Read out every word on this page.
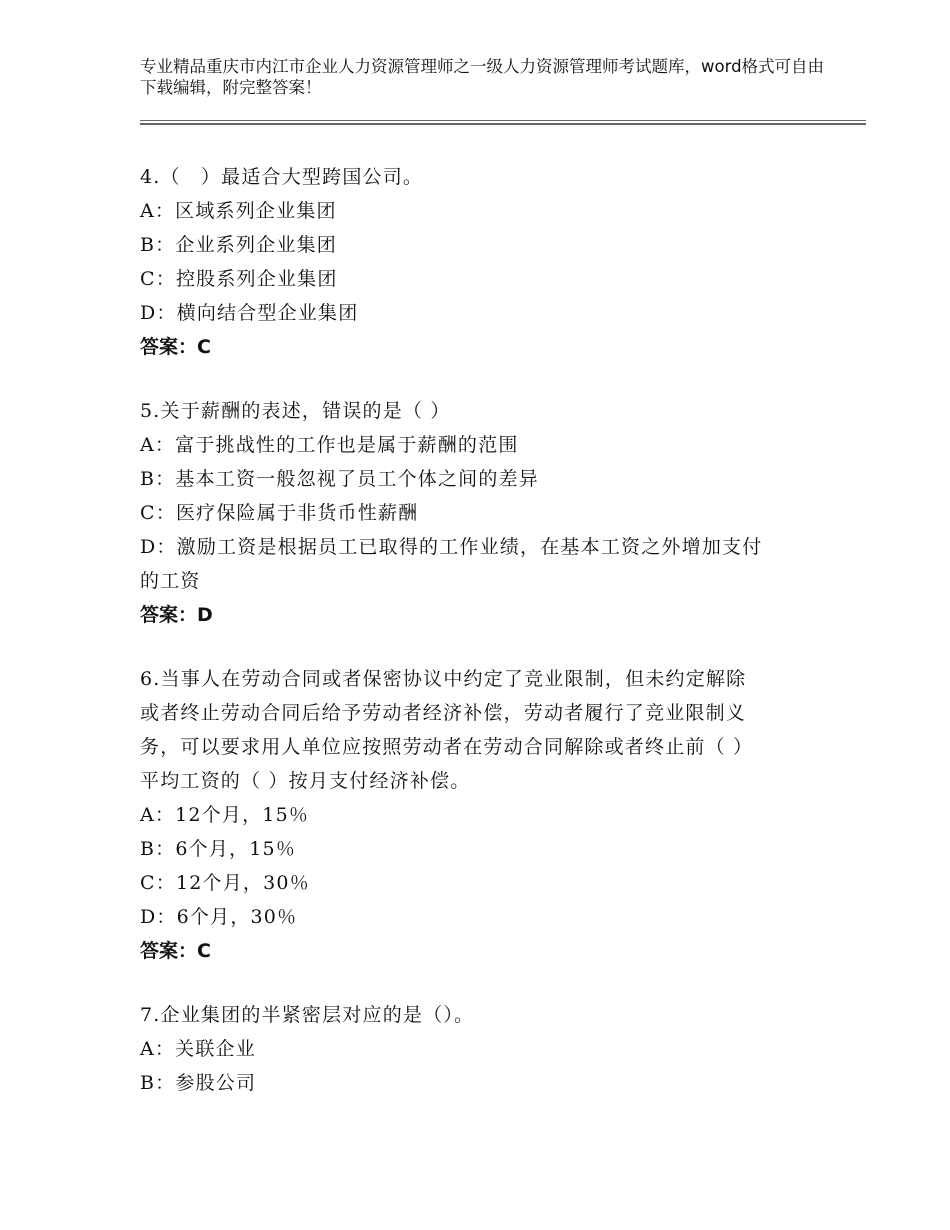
专业精品重庆市内江市企业人力资源管理师之一级人力资源管理师考试题库，word格式可自由下载编辑，附完整答案！
4.（　）最适合大型跨国公司。
A：区域系列企业集团
B：企业系列企业集团
C：控股系列企业集团
D：横向结合型企业集团
答案：C
5.关于薪酬的表述，错误的是（ ）
A：富于挑战性的工作也是属于薪酬的范围
B：基本工资一般忽视了员工个体之间的差异
C：医疗保险属于非货币性薪酬
D：激励工资是根据员工已取得的工作业绩，在基本工资之外增加支付
的工资
答案：D
6.当事人在劳动合同或者保密协议中约定了竞业限制，但未约定解除
或者终止劳动合同后给予劳动者经济补偿，劳动者履行了竞业限制义
务，可以要求用人单位应按照劳动者在劳动合同解除或者终止前（ ）
平均工资的（ ）按月支付经济补偿。
A：12个月，15％
B：6个月，15％
C：12个月，30％
D：6个月，30％
答案：C
7.企业集团的半紧密层对应的是（）。
A：关联企业
B：参股公司
